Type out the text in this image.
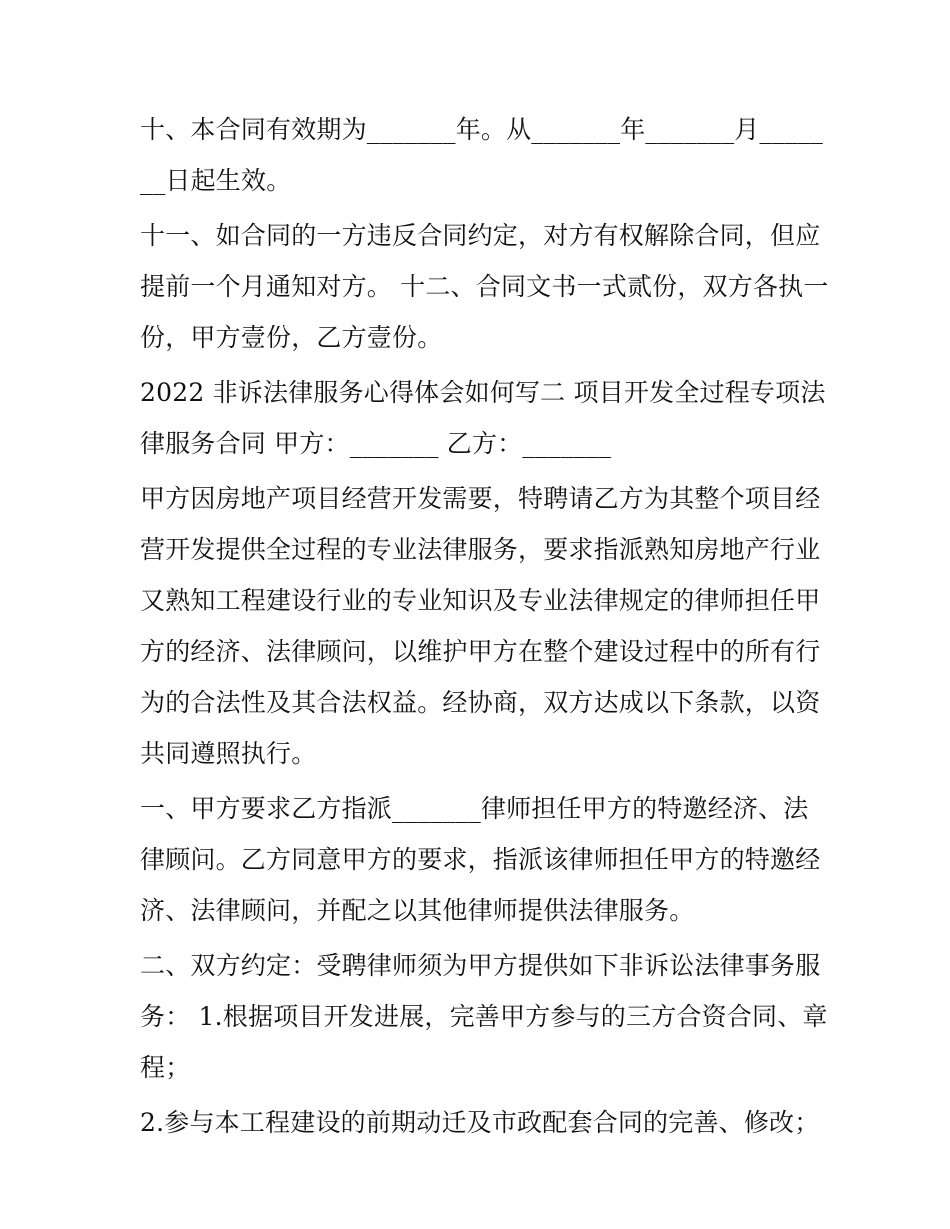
十、本合同有效期为_______年。从_______年_______月_______日起生效。

十一、如合同的一方违反合同约定，对方有权解除合同，但应提前一个月通知对方。 十二、合同文书一式贰份，双方各执一份，甲方壹份，乙方壹份。

2022 非诉法律服务心得体会如何写二 项目开发全过程专项法律服务合同 甲方：_______ 乙方：_______

甲方因房地产项目经营开发需要，特聘请乙方为其整个项目经营开发提供全过程的专业法律服务，要求指派熟知房地产行业又熟知工程建设行业的专业知识及专业法律规定的律师担任甲方的经济、法律顾问，以维护甲方在整个建设过程中的所有行为的合法性及其合法权益。经协商，双方达成以下条款，以资共同遵照执行。

一、甲方要求乙方指派_______律师担任甲方的特邀经济、法律顾问。乙方同意甲方的要求，指派该律师担任甲方的特邀经济、法律顾问，并配之以其他律师提供法律服务。

二、双方约定：受聘律师须为甲方提供如下非诉讼法律事务服务： 1.根据项目开发进展，完善甲方参与的三方合资合同、章程；

2.参与本工程建设的前期动迁及市政配套合同的完善、修改；
